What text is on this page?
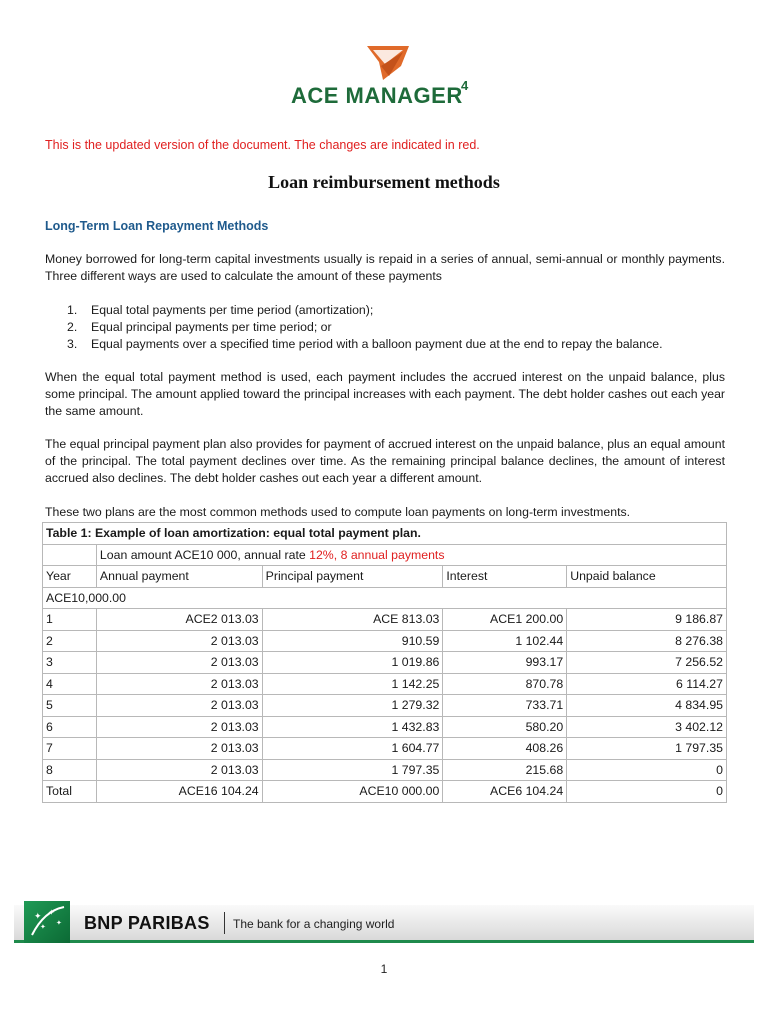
ACE MANAGER
4
This is the updated version of the document. The changes are indicated in red.
Loan reimbursement methods
Long-Term Loan Repayment Methods

Money borrowed for long-term capital investments usually is repaid in a series of annual, semi-annual or monthly payments. Three different ways are used to calculate the amount of these payments

1.	Equal total payments per time period (amortization);
2.	Equal principal payments per time period; or
3.	Equal payments over a specified time period with a balloon payment due at the end to repay the balance.

When the equal total payment method is used, each payment includes the accrued interest on the unpaid balance, plus some principal. The amount applied toward the principal increases with each payment. The debt holder cashes out each year the same amount.

The equal principal payment plan also provides for payment of accrued interest on the unpaid balance, plus an equal amount of the principal. The total payment declines over time. As the remaining principal balance declines, the amount of interest accrued also declines. The debt holder cashes out each year a different amount.

These two plans are the most common methods used to compute loan payments on long-term investments.

Table 1: Example of loan amortization: equal total payment plan.				
	Loan amount ACE10 000, annual rate 12%, 8 annual payments			
Year	Annual payment	Principal payment	Interest	Unpaid balance
ACE10,000.00				
1	ACE2 013.03	ACE 813.03	ACE1 200.00	9 186.87
2	2 013.03	910.59	1 102.44	8 276.38
3	2 013.03	1 019.86	993.17	7 256.52
4	2 013.03	1 142.25	870.78	6 114.27
5	2 013.03	1 279.32	733.71	4 834.95
6	2 013.03	1 432.83	580.20	3 402.12
7	2 013.03	1 604.77	408.26	1 797.35
8	2 013.03	1 797.35	215.68	0
Total	ACE16 104.24	ACE10 000.00	ACE6 104.24	0
✦ ✦
✦ ✦ BNP PARIBAS The bank for a changing world
1
